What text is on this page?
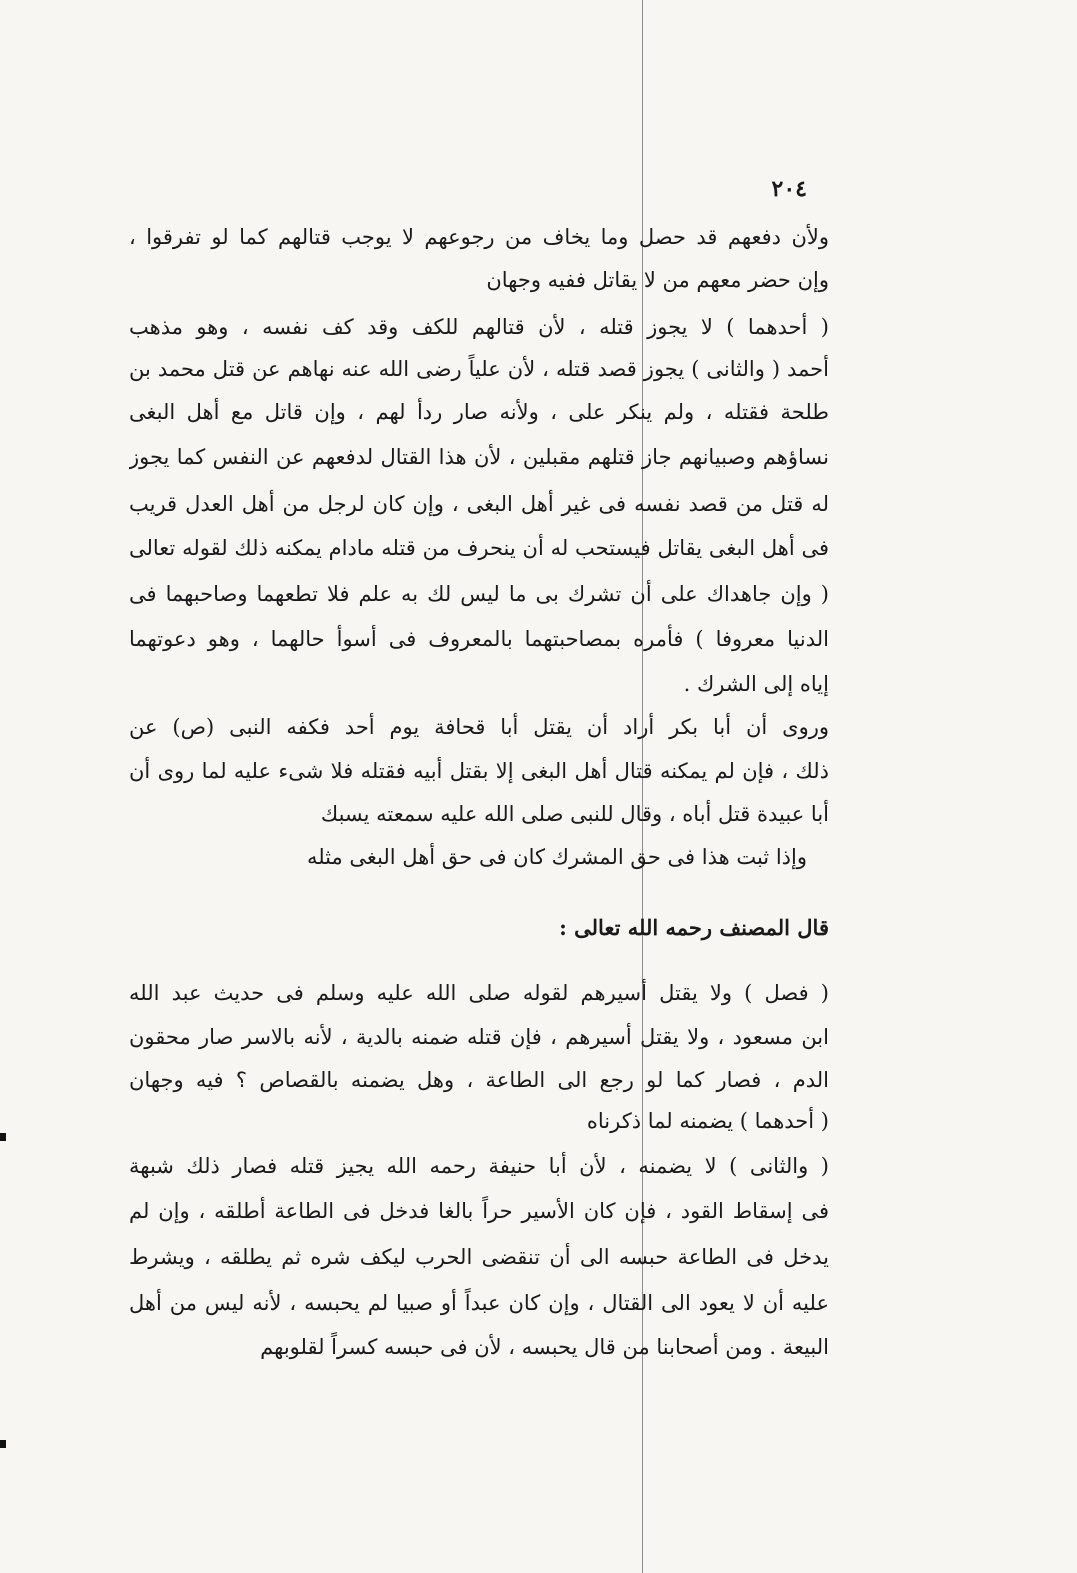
٢٠٤
ولأن دفعهم قد حصل وما يخاف من رجوعهم لا يوجب قتالهم كما لو تفرقوا ،
وإن حضر معهم من لا يقاتل ففيه وجهان
( أحدهما ) لا يجوز قتله ، لأن قتالهم للكف وقد كف نفسه ، وهو مذهب
أحمد ( والثانى ) يجوز قصد قتله ، لأن علياً رضى الله عنه نهاهم عن قتل محمد بن
طلحة فقتله ، ولم ينكر على ، ولأنه صار ردأ لهم ، وإن قاتل مع أهل البغى
نساؤهم وصبيانهم جاز قتلهم مقبلين ، لأن هذا القتال لدفعهم عن النفس كما يجوز
له قتل من قصد نفسه فى غير أهل البغى ، وإن كان لرجل من أهل العدل قريب
فى أهل البغى يقاتل فيستحب له أن ينحرف من قتله مادام يمكنه ذلك لقوله تعالى
( وإن جاهداك على أن تشرك بى ما ليس لك به علم فلا تطعهما وصاحبهما فى
الدنيا معروفا ) فأمره بمصاحبتهما بالمعروف فى أسوأ حالهما ، وهو دعوتهما
إياه إلى الشرك .
وروى أن أبا بكر أراد أن يقتل أبا قحافة يوم أحد فكفه النبى (ص) عن
ذلك ، فإن لم يمكنه قتال أهل البغى إلا بقتل أبيه فقتله فلا شىء عليه لما روى أن
أبا عبيدة قتل أباه ، وقال للنبى صلى الله عليه سمعته يسبك
وإذا ثبت هذا فى حق المشرك كان فى حق أهل البغى مثله
قال المصنف رحمه الله تعالى :
( فصل ) ولا يقتل أسيرهم لقوله صلى الله عليه وسلم فى حديث عبد الله
ابن مسعود ، ولا يقتل أسيرهم ، فإن قتله ضمنه بالدية ، لأنه بالاسر صار محقون
الدم ، فصار كما لو رجع الى الطاعة ، وهل يضمنه بالقصاص ؟ فيه وجهان
( أحدهما ) يضمنه لما ذكرناه
( والثانى ) لا يضمنه ، لأن أبا حنيفة رحمه الله يجيز قتله فصار ذلك شبهة
فى إسقاط القود ، فإن كان الأسير حراً بالغا فدخل فى الطاعة أطلقه ، وإن لم
يدخل فى الطاعة حبسه الى أن تنقضى الحرب ليكف شره ثم يطلقه ، ويشرط
عليه أن لا يعود الى القتال ، وإن كان عبداً أو صبيا لم يحبسه ، لأنه ليس من أهل
البيعة . ومن أصحابنا من قال يحبسه ، لأن فى حبسه كسراً لقلوبهم
